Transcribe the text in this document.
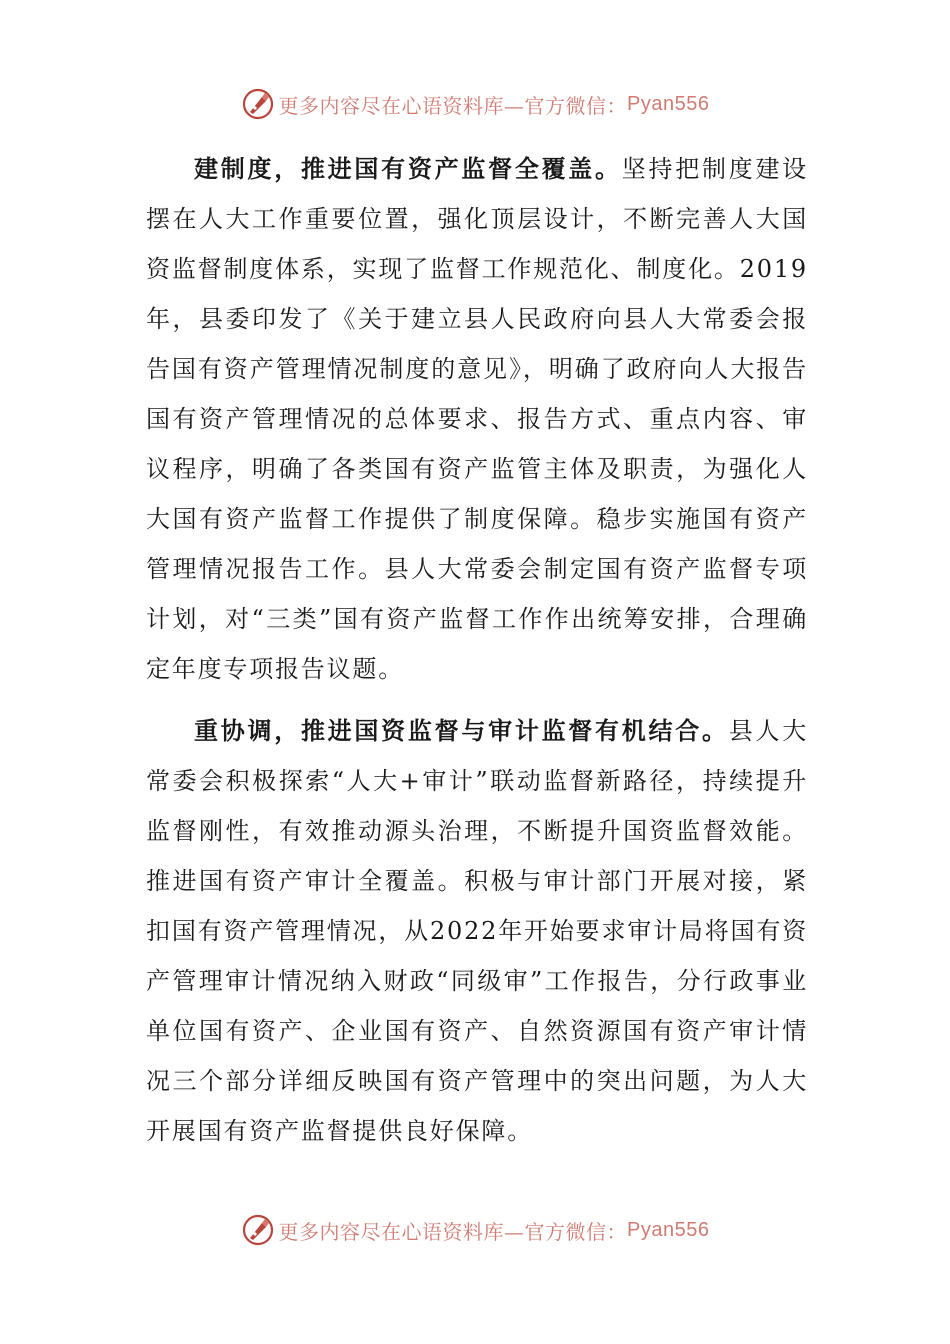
更多内容尽在心语资料库—官方微信： Pyan556

建制度，推进国有资产监督全覆盖。坚持把制度建设摆在人大工作重要位置，强化顶层设计，不断完善人大国资监督制度体系，实现了监督工作规范化、制度化。2019年，县委印发了《关于建立县人民政府向县人大常委会报告国有资产管理情况制度的意见》，明确了政府向人大报告国有资产管理情况的总体要求、报告方式、重点内容、审议程序，明确了各类国有资产监管主体及职责，为强化人大国有资产监督工作提供了制度保障。稳步实施国有资产管理情况报告工作。县人大常委会制定国有资产监督专项计划，对“三类”国有资产监督工作作出统筹安排，合理确定年度专项报告议题。

重协调，推进国资监督与审计监督有机结合。县人大常委会积极探索“人大+审计”联动监督新路径，持续提升监督刚性，有效推动源头治理，不断提升国资监督效能。推进国有资产审计全覆盖。积极与审计部门开展对接，紧扣国有资产管理情况，从2022年开始要求审计局将国有资产管理审计情况纳入财政“同级审”工作报告，分行政事业单位国有资产、企业国有资产、自然资源国有资产审计情况三个部分详细反映国有资产管理中的突出问题，为人大开展国有资产监督提供良好保障。

更多内容尽在心语资料库—官方微信： Pyan556
